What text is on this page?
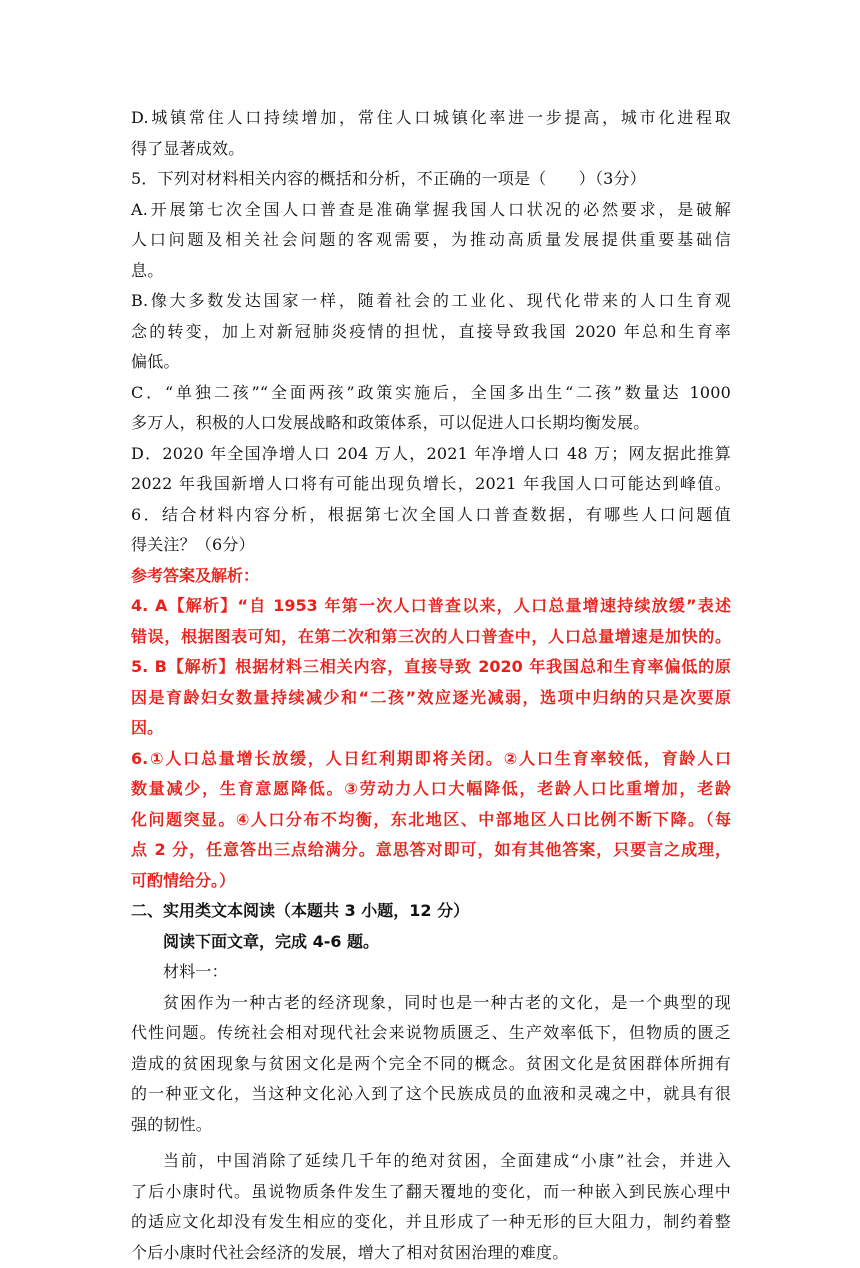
D.城镇常住人口持续增加，常住人口城镇化率进一步提高，城市化进程取
得了显著成效。
5．下列对材料相关内容的概括和分析，不正确的一项是（　　）（3分）
A.开展第七次全国人口普查是准确掌握我国人口状况的必然要求，是破解
人口问题及相关社会问题的客观需要，为推动高质量发展提供重要基础信
息。
B.像大多数发达国家一样，随着社会的工业化、现代化带来的人口生育观
念的转变，加上对新冠肺炎疫情的担忧，直接导致我国 2020 年总和生育率
偏低。
C．“单独二孩”“全面两孩”政策实施后，全国多出生“二孩”数量达 1000
多万人，积极的人口发展战略和政策体系，可以促进人口长期均衡发展。
D．2020 年全国净增人口 204 万人，2021 年净增人口 48 万；网友据此推算
2022 年我国新增人口将有可能出现负增长，2021 年我国人口可能达到峰值。
6．结合材料内容分析，根据第七次全国人口普查数据，有哪些人口问题值
得关注？（6分）
参考答案及解析：
4. A【解析】“自 1953 年第一次人口普查以来，人口总量增速持续放缓”表述
错误，根据图表可知，在第二次和第三次的人口普查中，人口总量增速是加快的。
5. B【解析】根据材料三相关内容，直接导致 2020 年我国总和生育率偏低的原
因是育龄妇女数量持续减少和“二孩”效应逐光减弱，选项中归纳的只是次要原
因。
6.①人口总量增长放缓，人日红利期即将关闭。②人口生育率较低，育龄人口
数量减少，生育意愿降低。③劳动力人口大幅降低，老龄人口比重增加，老龄
化问题突显。④人口分布不均衡，东北地区、中部地区人口比例不断下降。（每
点 2 分，任意答出三点给满分。意思答对即可，如有其他答案，只要言之成理，
可酌情给分。）
二、实用类文本阅读（本题共 3 小题，12 分）
阅读下面文章，完成 4-6 题。
材料一：
贫困作为一种古老的经济现象，同时也是一种古老的文化，是一个典型的现
代性问题。传统社会相对现代社会来说物质匮乏、生产效率低下，但物质的匮乏
造成的贫困现象与贫困文化是两个完全不同的概念。贫困文化是贫困群体所拥有
的一种亚文化，当这种文化沁入到了这个民族成员的血液和灵魂之中，就具有很
强的韧性。
当前，中国消除了延续几千年的绝对贫困，全面建成“小康”社会，并进入
了后小康时代。虽说物质条件发生了翻天覆地的变化，而一种嵌入到民族心理中
的适应文化却没有发生相应的变化，并且形成了一种无形的巨大阻力，制约着整
个后小康时代社会经济的发展，增大了相对贫困治理的难度。
